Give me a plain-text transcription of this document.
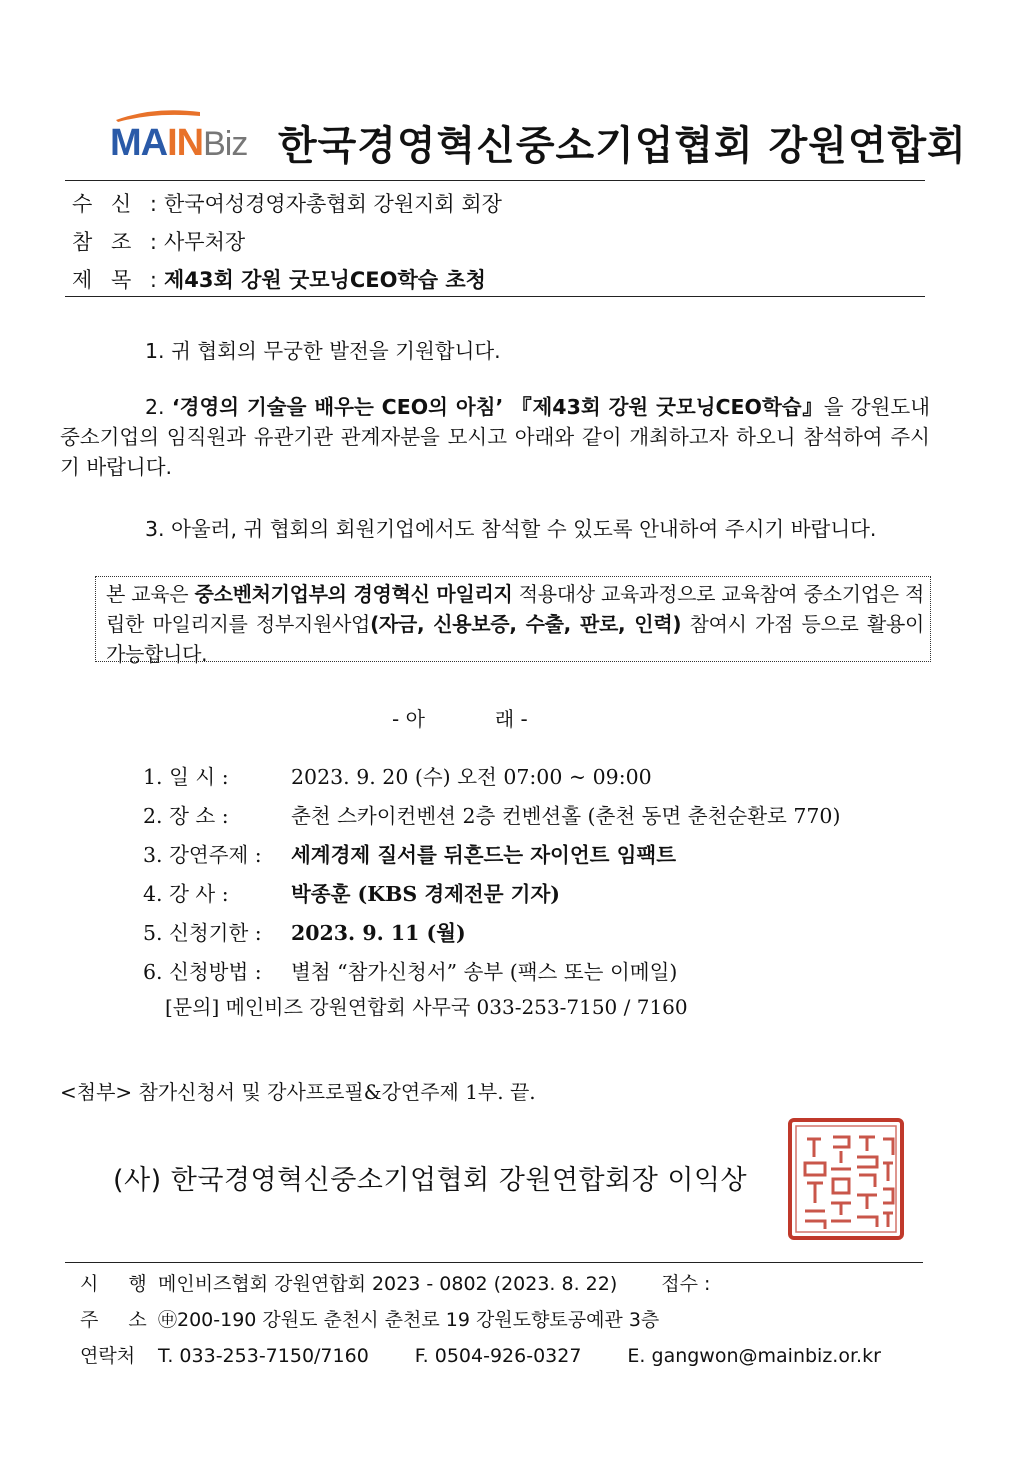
MAINBiz 한국경영혁신중소기업협회 강원연합회
수 신 :한국여성경영자총협회 강원지회 회장
참 조 :사무처장
제 목 :제43회 강원 굿모닝CEO학습 초청
1. 귀 협회의 무궁한 발전을 기원합니다.
2. ‘경영의 기술을 배우는 CEO의 아침’ 『제43회 강원 굿모닝CEO학습』을 강원도내 중소기업의 임직원과 유관기관 관계자분을 모시고 아래와 같이 개최하고자 하오니 참석하여 주시기 바랍니다.
3. 아울러, 귀 협회의 회원기업에서도 참석할 수 있도록 안내하여 주시기 바랍니다.
본 교육은 중소벤처기업부의 경영혁신 마일리지 적용대상 교육과정으로 교육참여 중소기업은 적립한 마일리지를 정부지원사업(자금, 신용보증, 수출, 판로, 인력) 참여시 가점 등으로 활용이 가능합니다.
- 아           래 -
1. 일 시 :	2023. 9. 20 (수) 오전 07:00 ~ 09:00
2. 장 소 :	춘천 스카이컨벤션 2층 컨벤션홀 (춘천 동면 춘천순환로 770)
3. 강연주제 : 세계경제 질서를 뒤흔드는 자이언트 임팩트
4. 강 사 :	박종훈 (KBS 경제전문 기자)
5. 신청기한 : 2023. 9. 11 (월)
6. 신청방법 : 별첨 “참가신청서” 송부 (팩스 또는 이메일)
[문의] 메인비즈 강원연합회 사무국 033-253-7150 / 7160
<첨부> 참가신청서 및 강사프로필&강연주제 1부. 끝.
(사) 한국경영혁신중소기업협회 강원연합회장 이익상
시 행메인비즈협회 강원연합회 2023 - 0802 (2023. 8. 22) 접수 :
주 소㊥200-190 강원도 춘천시 춘천로 19 강원도향토공예관 3층
연락처 T. 033-253-7150/7160 F. 0504-926-0327 E. gangwon@mainbiz.or.kr
